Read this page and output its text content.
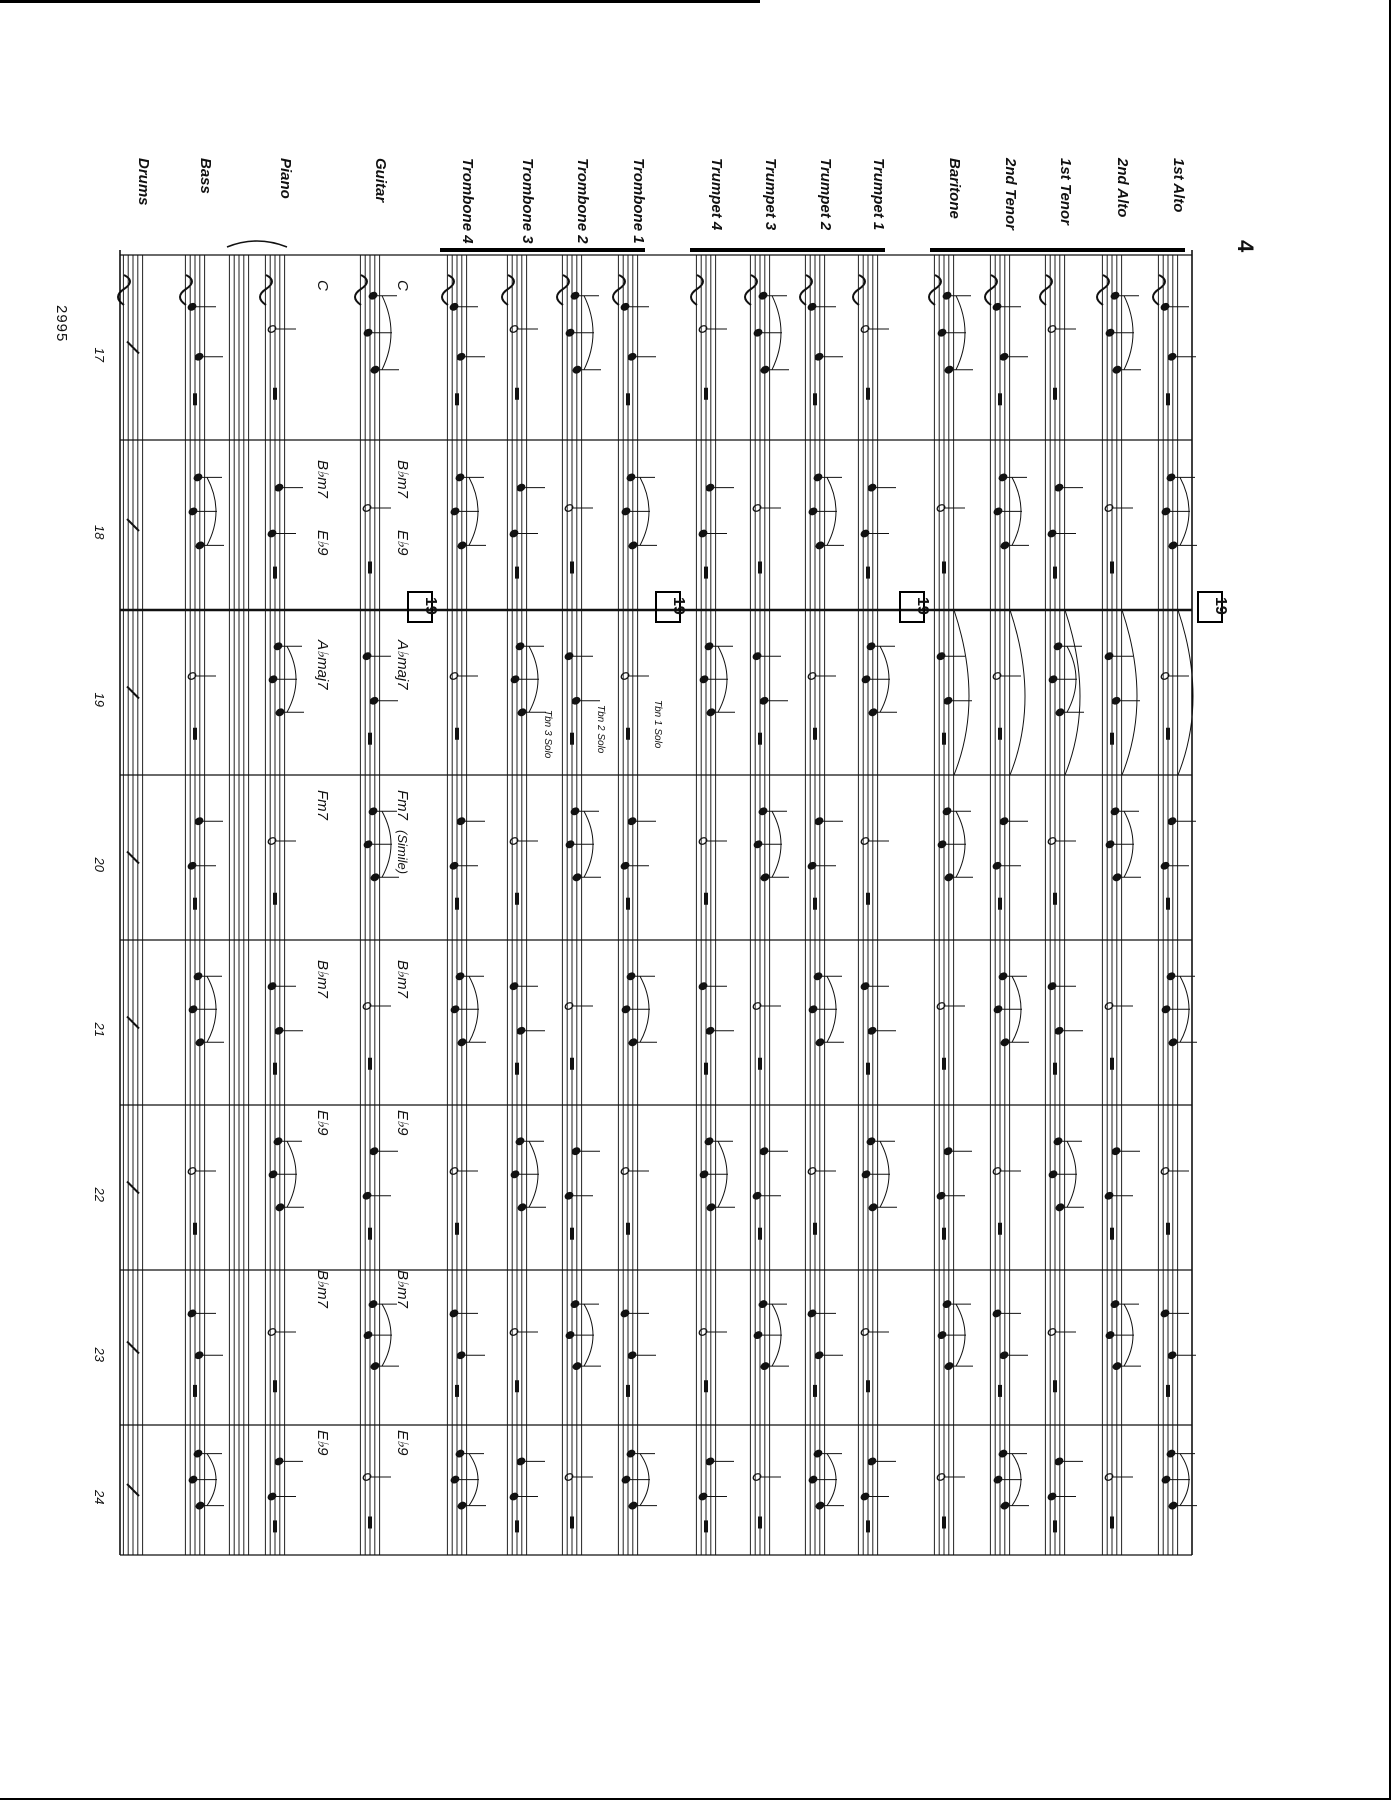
4
2995
1st Alto
2nd Alto
1st Tenor
2nd Tenor
Baritone
Trumpet 1
Trumpet 2
Trumpet 3
Trumpet 4
Trombone 1
Trombone 2
Trombone 3
Trombone 4
Guitar
Piano
Bass
Drums
17
18
19
20
21
22
23
24
19
19
19
19
C
C
B♭m7
B♭m7
E♭9
E♭9
A♭maj7
A♭maj7
Fm7
Fm7
B♭m7
B♭m7
E♭9
E♭9
B♭m7
B♭m7
E♭9
E♭9
(Simile)
Tbn 1 Solo
Tbn 2 Solo
Tbn 3 Solo
